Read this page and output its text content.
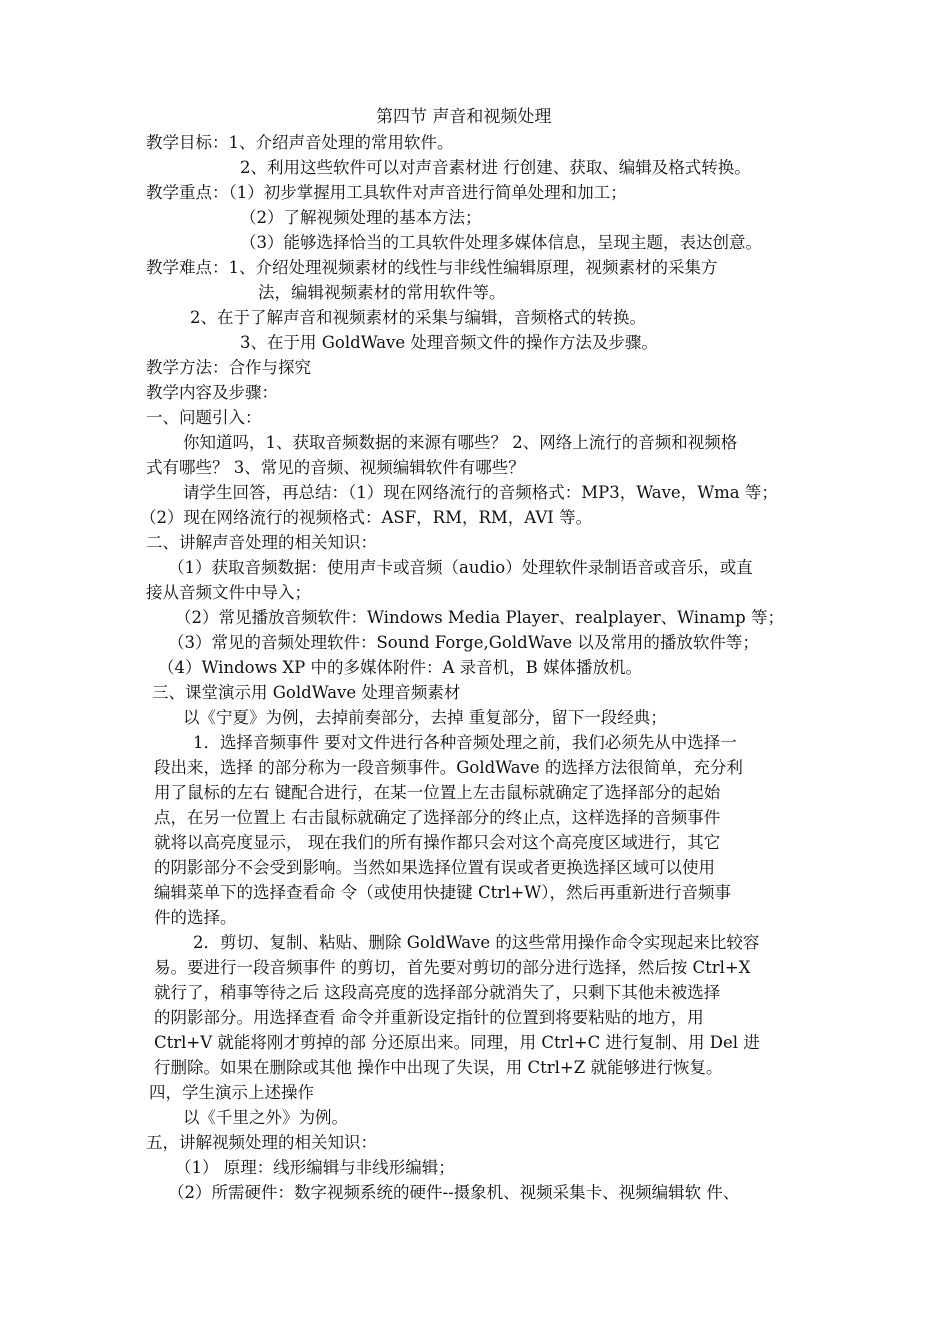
第四节 声音和视频处理
教学目标：1、介绍声音处理的常用软件。
2、利用这些软件可以对声音素材进 行创建、获取、编辑及格式转换。
教学重点：（1）初步掌握用工具软件对声音进行简单处理和加工；
（2）了解视频处理的基本方法；
（3）能够选择恰当的工具软件处理多媒体信息，呈现主题，表达创意。
教学难点：1、介绍处理视频素材的线性与非线性编辑原理，视频素材的采集方
法，编辑视频素材的常用软件等。
2、在于了解声音和视频素材的采集与编辑，音频格式的转换。
3、在于用 GoldWave 处理音频文件的操作方法及步骤。
教学方法：合作与探究
教学内容及步骤：
一、问题引入：
你知道吗，1、获取音频数据的来源有哪些？ 2、网络上流行的音频和视频格
式有哪些？ 3、常见的音频、视频编辑软件有哪些？
请学生回答，再总结：（1）现在网络流行的音频格式：MP3，Wave，Wma 等；
（2）现在网络流行的视频格式：ASF，RM，RM，AVI 等。
二、讲解声音处理的相关知识：
（1）获取音频数据：使用声卡或音频（audio）处理软件录制语音或音乐，或直
接从音频文件中导入；
（2）常见播放音频软件：Windows Media Player、realplayer、Winamp 等；
（3）常见的音频处理软件：Sound Forge,GoldWave 以及常用的播放软件等；
（4）Windows XP 中的多媒体附件：A 录音机，B 媒体播放机。
三、课堂演示用 GoldWave 处理音频素材
以《宁夏》为例，去掉前奏部分，去掉 重复部分，留下一段经典；
1．选择音频事件 要对文件进行各种音频处理之前，我们必须先从中选择一
段出来，选择 的部分称为一段音频事件。GoldWave 的选择方法很简单，充分利
用了鼠标的左右 键配合进行，在某一位置上左击鼠标就确定了选择部分的起始
点，在另一位置上 右击鼠标就确定了选择部分的终止点，这样选择的音频事件
就将以高亮度显示， 现在我们的所有操作都只会对这个高亮度区域进行，其它
的阴影部分不会受到影响。当然如果选择位置有误或者更换选择区域可以使用
编辑菜单下的选择查看命 令（或使用快捷键 Ctrl+W），然后再重新进行音频事
件的选择。
2．剪切、复制、粘贴、删除 GoldWave 的这些常用操作命令实现起来比较容
易。要进行一段音频事件 的剪切，首先要对剪切的部分进行选择，然后按 Ctrl+X
就行了，稍事等待之后 这段高亮度的选择部分就消失了，只剩下其他未被选择
的阴影部分。用选择查看 命令并重新设定指针的位置到将要粘贴的地方，用
Ctrl+V 就能将刚才剪掉的部 分还原出来。同理，用 Ctrl+C 进行复制、用 Del 进
行删除。如果在删除或其他 操作中出现了失误，用 Ctrl+Z 就能够进行恢复。
四，学生演示上述操作
以《千里之外》为例。
五，讲解视频处理的相关知识：
（1） 原理：线形编辑与非线形编辑；
（2）所需硬件：数字视频系统的硬件--摄象机、视频采集卡、视频编辑软 件、
